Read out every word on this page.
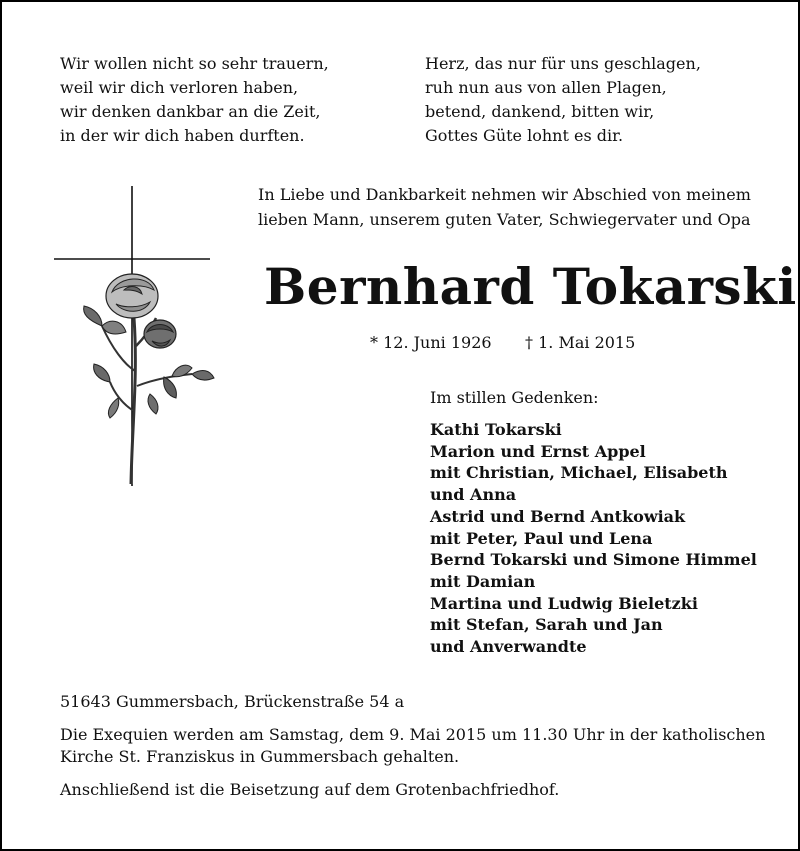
Wir wollen nicht so sehr trauern,
weil wir dich verloren haben,
wir denken dankbar an die Zeit,
in der wir dich haben durften.
Herz, das nur für uns geschlagen,
ruh nun aus von allen Plagen,
betend, dankend, bitten wir,
Gottes Güte lohnt es dir.
In Liebe und Dankbarkeit nehmen wir Abschied von meinem
lieben Mann, unserem guten Vater, Schwiegervater und Opa
Bernhard Tokarski
* 12. Juni 1926 † 1. Mai 2015
Im stillen Gedenken:
Kathi Tokarski
Marion und Ernst Appel
mit Christian, Michael, Elisabeth
und Anna
Astrid und Bernd Antkowiak
mit Peter, Paul und Lena
Bernd Tokarski und Simone Himmel
mit Damian
Martina und Ludwig Bieletzki
mit Stefan, Sarah und Jan
und Anverwandte
51643 Gummersbach, Brückenstraße 54 a
Die Exequien werden am Samstag, dem 9. Mai 2015 um 11.30 Uhr in der katholischen
Kirche St. Franziskus in Gummersbach gehalten.
Anschließend ist die Beisetzung auf dem Grotenbachfriedhof.
